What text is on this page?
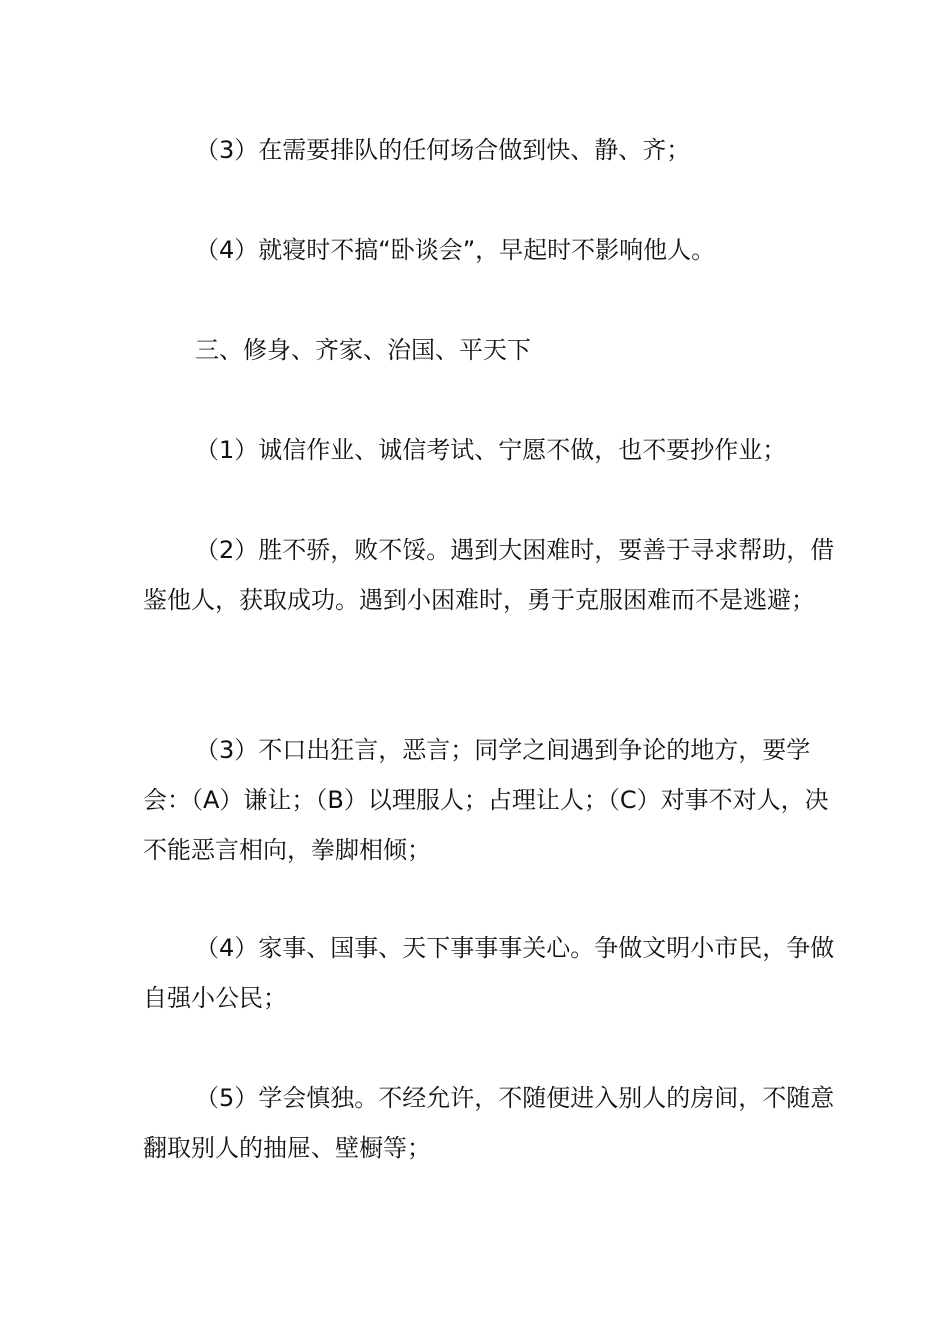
（3）在需要排队的任何场合做到快、静、齐；

（4）就寝时不搞“卧谈会”，早起时不影响他人。

三、修身、齐家、治国、平天下

（1）诚信作业、诚信考试、宁愿不做，也不要抄作业；

（2）胜不骄，败不馁。遇到大困难时，要善于寻求帮助，借鉴他人，获取成功。遇到小困难时，勇于克服困难而不是逃避；

（3）不口出狂言，恶言；同学之间遇到争论的地方，要学会：（A）谦让；（B）以理服人；占理让人；（C）对事不对人，决不能恶言相向，拳脚相倾；

（4）家事、国事、天下事事事关心。争做文明小市民，争做自强小公民；

（5）学会慎独。不经允许，不随便进入别人的房间，不随意翻取别人的抽屉、壁橱等；
